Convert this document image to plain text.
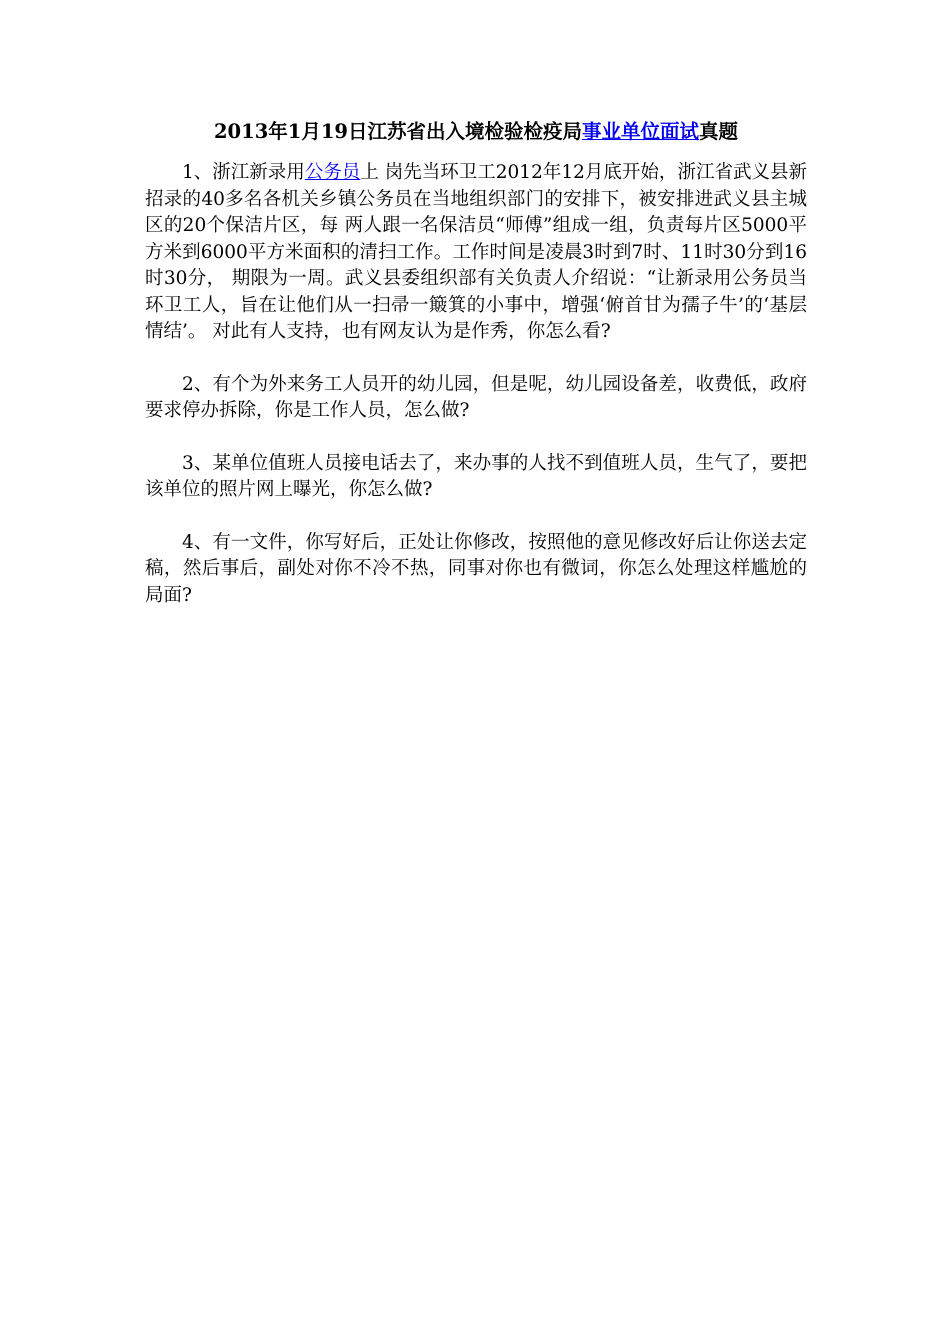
2013年1月19日江苏省出入境检验检疫局事业单位面试真题

1、浙江新录用公务员上 岗先当环卫工2012年12月底开始，浙江省武义县新招录的40多名各机关乡镇公务员在当地组织部门的安排下，被安排进武义县主城区的20个保洁片区，每 两人跟一名保洁员“师傅”组成一组，负责每片区5000平方米到6000平方米面积的清扫工作。工作时间是凌晨3时到7时、11时30分到16时30分， 期限为一周。武义县委组织部有关负责人介绍说：“让新录用公务员当环卫工人，旨在让他们从一扫帚一簸箕的小事中，增强‘俯首甘为孺子牛’的‘基层情结’。 对此有人支持，也有网友认为是作秀，你怎么看?

2、有个为外来务工人员开的幼儿园，但是呢，幼儿园设备差，收费低，政府要求停办拆除，你是工作人员，怎么做?

3、某单位值班人员接电话去了，来办事的人找不到值班人员，生气了，要把该单位的照片网上曝光，你怎么做?

4、有一文件，你写好后，正处让你修改，按照他的意见修改好后让你送去定稿，然后事后，副处对你不冷不热，同事对你也有微词，你怎么处理这样尴尬的局面?
